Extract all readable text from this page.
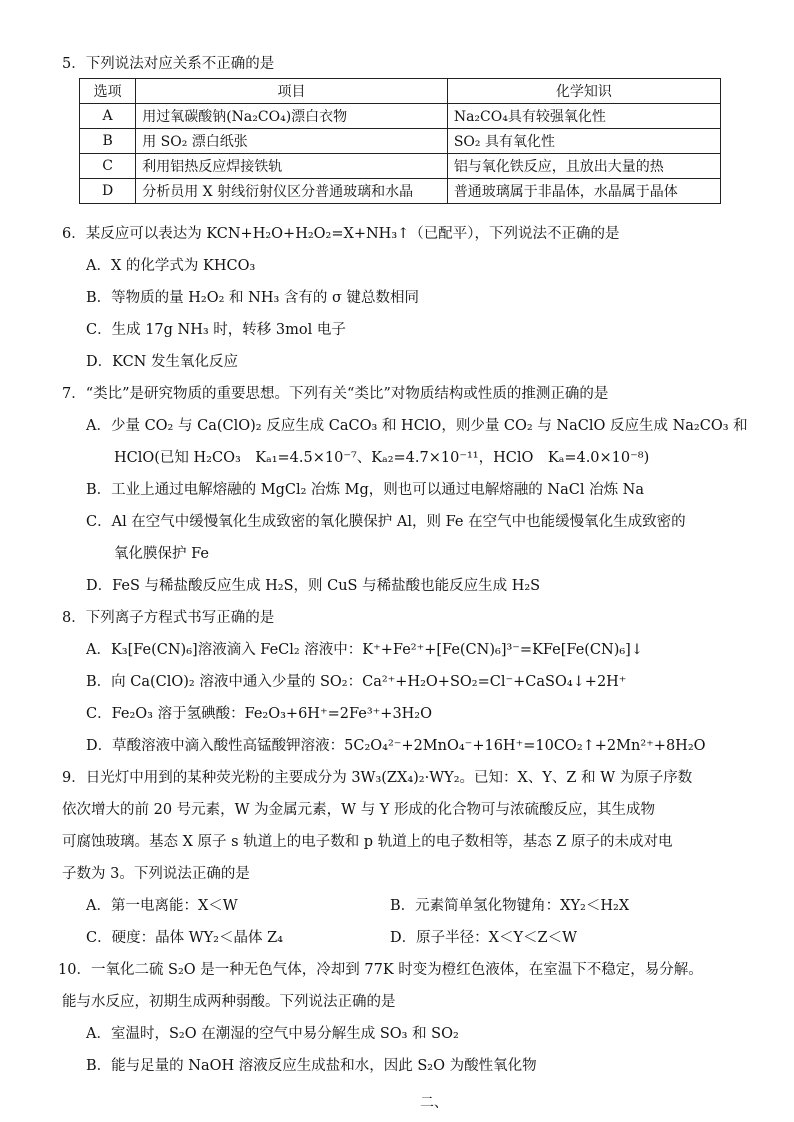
5．下列说法对应关系不正确的是
选项	项目	化学知识
A	用过氧碳酸钠(Na₂CO₄)漂白衣物	Na₂CO₄具有较强氧化性
B	用 SO₂ 漂白纸张	SO₂ 具有氧化性
C	利用铝热反应焊接铁轨	铝与氧化铁反应，且放出大量的热
D	分析员用 X 射线衍射仪区分普通玻璃和水晶	普通玻璃属于非晶体，水晶属于晶体
6．某反应可以表达为 KCN+H₂O+H₂O₂=X+NH₃↑（已配平），下列说法不正确的是
A．X 的化学式为 KHCO₃
B．等物质的量 H₂O₂ 和 NH₃ 含有的 σ 键总数相同
C．生成 17g NH₃ 时，转移 3mol 电子
D．KCN 发生氧化反应
7．“类比”是研究物质的重要思想。下列有关“类比”对物质结构或性质的推测正确的是
A．少量 CO₂ 与 Ca(ClO)₂ 反应生成 CaCO₃ 和 HClO，则少量 CO₂ 与 NaClO 反应生成 Na₂CO₃ 和
HClO(已知 H₂CO₃　Kₐ₁=4.5×10⁻⁷、Kₐ₂=4.7×10⁻¹¹，HClO　Kₐ=4.0×10⁻⁸)
B．工业上通过电解熔融的 MgCl₂ 冶炼 Mg，则也可以通过电解熔融的 NaCl 冶炼 Na
C．Al 在空气中缓慢氧化生成致密的氧化膜保护 Al，则 Fe 在空气中也能缓慢氧化生成致密的
氧化膜保护 Fe
D．FeS 与稀盐酸反应生成 H₂S，则 CuS 与稀盐酸也能反应生成 H₂S
8．下列离子方程式书写正确的是
A．K₃[Fe(CN)₆]溶液滴入 FeCl₂ 溶液中：K⁺+Fe²⁺+[Fe(CN)₆]³⁻=KFe[Fe(CN)₆]↓
B．向 Ca(ClO)₂ 溶液中通入少量的 SO₂：Ca²⁺+H₂O+SO₂=Cl⁻+CaSO₄↓+2H⁺
C．Fe₂O₃ 溶于氢碘酸：Fe₂O₃+6H⁺=2Fe³⁺+3H₂O
D．草酸溶液中滴入酸性高锰酸钾溶液：5C₂O₄²⁻+2MnO₄⁻+16H⁺=10CO₂↑+2Mn²⁺+8H₂O
9．日光灯中用到的某种荧光粉的主要成分为 3W₃(ZX₄)₂·WY₂。已知：X、Y、Z 和 W 为原子序数
依次增大的前 20 号元素，W 为金属元素，W 与 Y 形成的化合物可与浓硫酸反应，其生成物
可腐蚀玻璃。基态 X 原子 s 轨道上的电子数和 p 轨道上的电子数相等，基态 Z 原子的未成对电
子数为 3。下列说法正确的是
A．第一电离能：X＜W	B．元素简单氢化物键角：XY₂＜H₂X
C．硬度：晶体 WY₂＜晶体 Z₄	D．原子半径：X＜Y＜Z＜W
10．一氧化二硫 S₂O 是一种无色气体，冷却到 77K 时变为橙红色液体，在室温下不稳定，易分解。
能与水反应，初期生成两种弱酸。下列说法正确的是
A．室温时，S₂O 在潮湿的空气中易分解生成 SO₃ 和 SO₂
B．能与足量的 NaOH 溶液反应生成盐和水，因此 S₂O 为酸性氧化物
二、
